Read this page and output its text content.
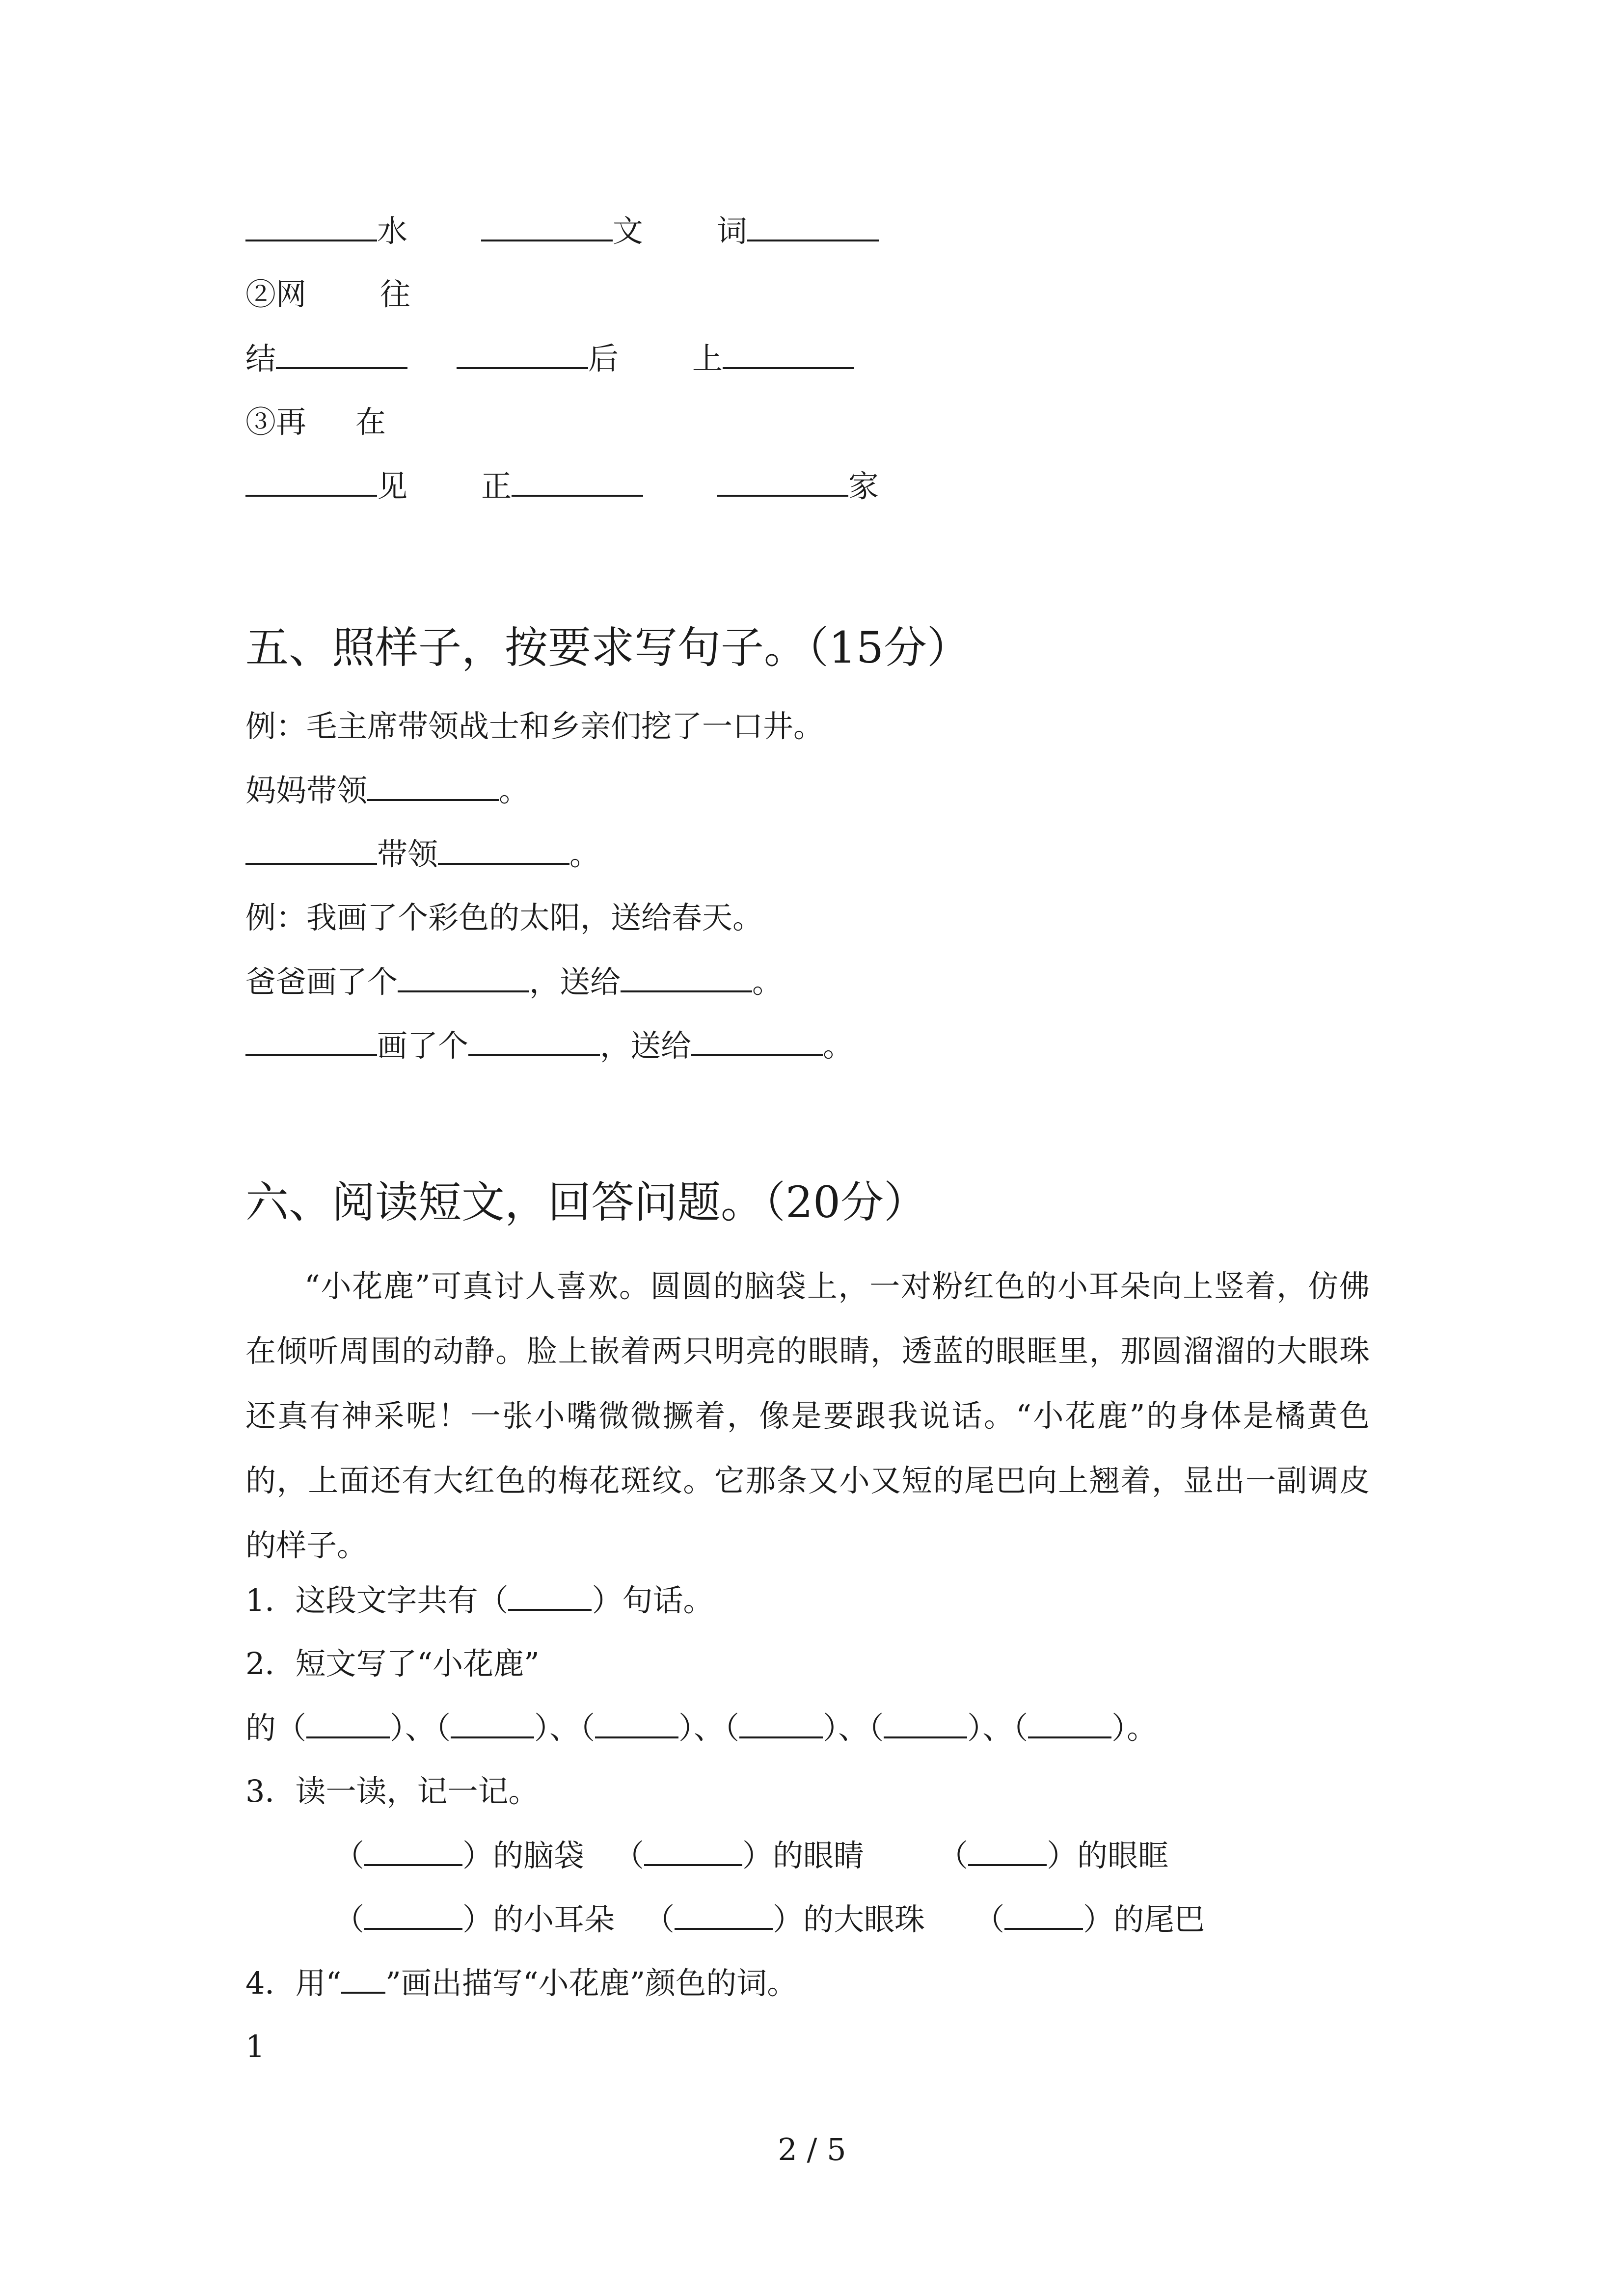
水	文 词
②网 往
结	后 上
③再 在
见 正	家
五、照样子，按要求写句子。（15分）
例：毛主席带领战士和乡亲们挖了一口井。
妈妈带领	。
带领	。
例：我画了个彩色的太阳，送给春天。
爸爸画了个	，送给	。
画了个	，送给	。
六、阅读短文，回答问题。（20分）
“小花鹿”可真讨人喜欢。圆圆的脑袋上，一对粉红色的小耳朵向上竖着，仿佛在倾听周围的动静。脸上嵌着两只明亮的眼睛，透蓝的眼眶里，那圆溜溜的大眼珠还真有神采呢！一张小嘴微微撅着，像是要跟我说话。“小花鹿”的身体是橘黄色的，上面还有大红色的梅花斑纹。它那条又小又短的尾巴向上翘着，显出一副调皮的样子。
1．这段文字共有（	）句话。
2．短文写了“小花鹿”
的（	）、（	）、（	）、（	）、（	）、（	）。
3．读一读，记一记。
（	）的脑袋 （	）的眼睛 （	）的眼眶
（	）的小耳朵 （	）的大眼珠 （	）的尾巴
4．用“ ”画出描写“小花鹿”颜色的词。
1
2 / 5
